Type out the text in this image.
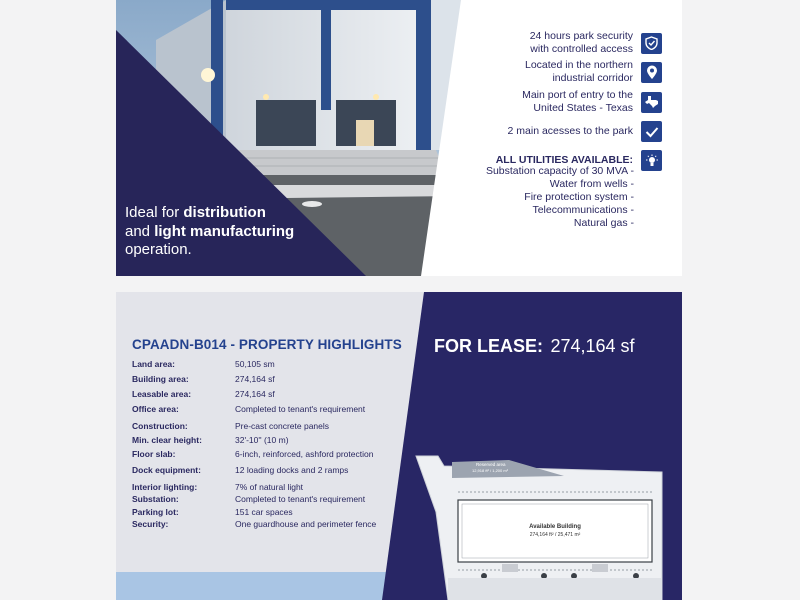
Ideal for distribution
and light manufacturing
operation.
24 hours park security
with controlled access
Located in the northern
industrial corridor
Main port of entry to the
United States - Texas
2 main acesses to the park
ALL UTILITIES AVAILABLE:
Substation capacity of 30 MVA -
Water from wells -
Fire protection system -
Telecommunications -
Natural gas -
CPAADN-B014 - PROPERTY HIGHLIGHTS
Land area:	50,105 sm
Building area:	274,164 sf
Leasable area:	274,164 sf
Office area:	Completed to tenant's requirement
Construction:	Pre-cast concrete panels
Min. clear height:	32'-10'' (10 m)
Floor slab:	6-inch, reinforced, ashford protection
Dock equipment:	12 loading docks and 2 ramps
Interior lighting:	7% of natural light
Substation:	Completed to tenant's requirement
Parking lot:	151 car spaces
Security:	One guardhouse and perimeter fence
FOR LEASE: 274,164 sf
Reserved area
12,918 ft² / 1,200 m²
Available Building
274,164 ft² / 25,471 m²
